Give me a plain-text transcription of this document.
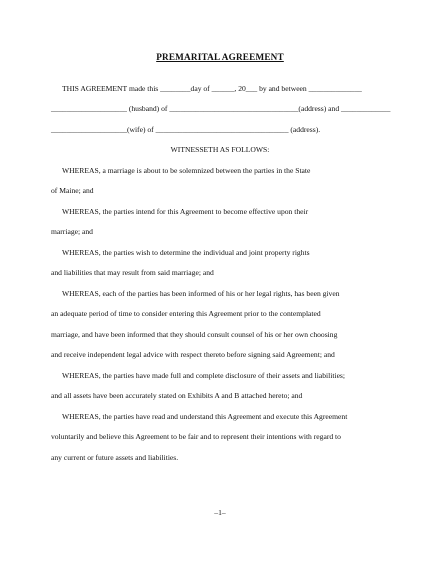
PREMARITAL AGREEMENT
THIS AGREEMENT made this ________day of ______, 20___ by and between ______________
____________________ (husband) of __________________________________(address) and _____________
____________________(wife) of ___________________________________ (address).
WITNESSETH AS FOLLOWS:
WHEREAS, a marriage is about to be solemnized between the parties in the State
of Maine; and
WHEREAS, the parties intend for this Agreement to become effective upon their
marriage; and
WHEREAS, the parties wish to determine the individual and joint property rights
and liabilities that may result from said marriage; and
WHEREAS, each of the parties has been informed of his or her legal rights, has been given
an adequate period of time to consider entering this Agreement prior to the contemplated
marriage, and have been informed that they should consult counsel of his or her own choosing
and receive independent legal advice with respect thereto before signing said Agreement; and
WHEREAS, the parties have made full and complete disclosure of their assets and liabilities;
and all assets have been accurately stated on Exhibits A and B attached hereto; and
WHEREAS, the parties have read and understand this Agreement and execute this Agreement
voluntarily and believe this Agreement to be fair and to represent their intentions with regard to
any current or future assets and liabilities.
–1–
